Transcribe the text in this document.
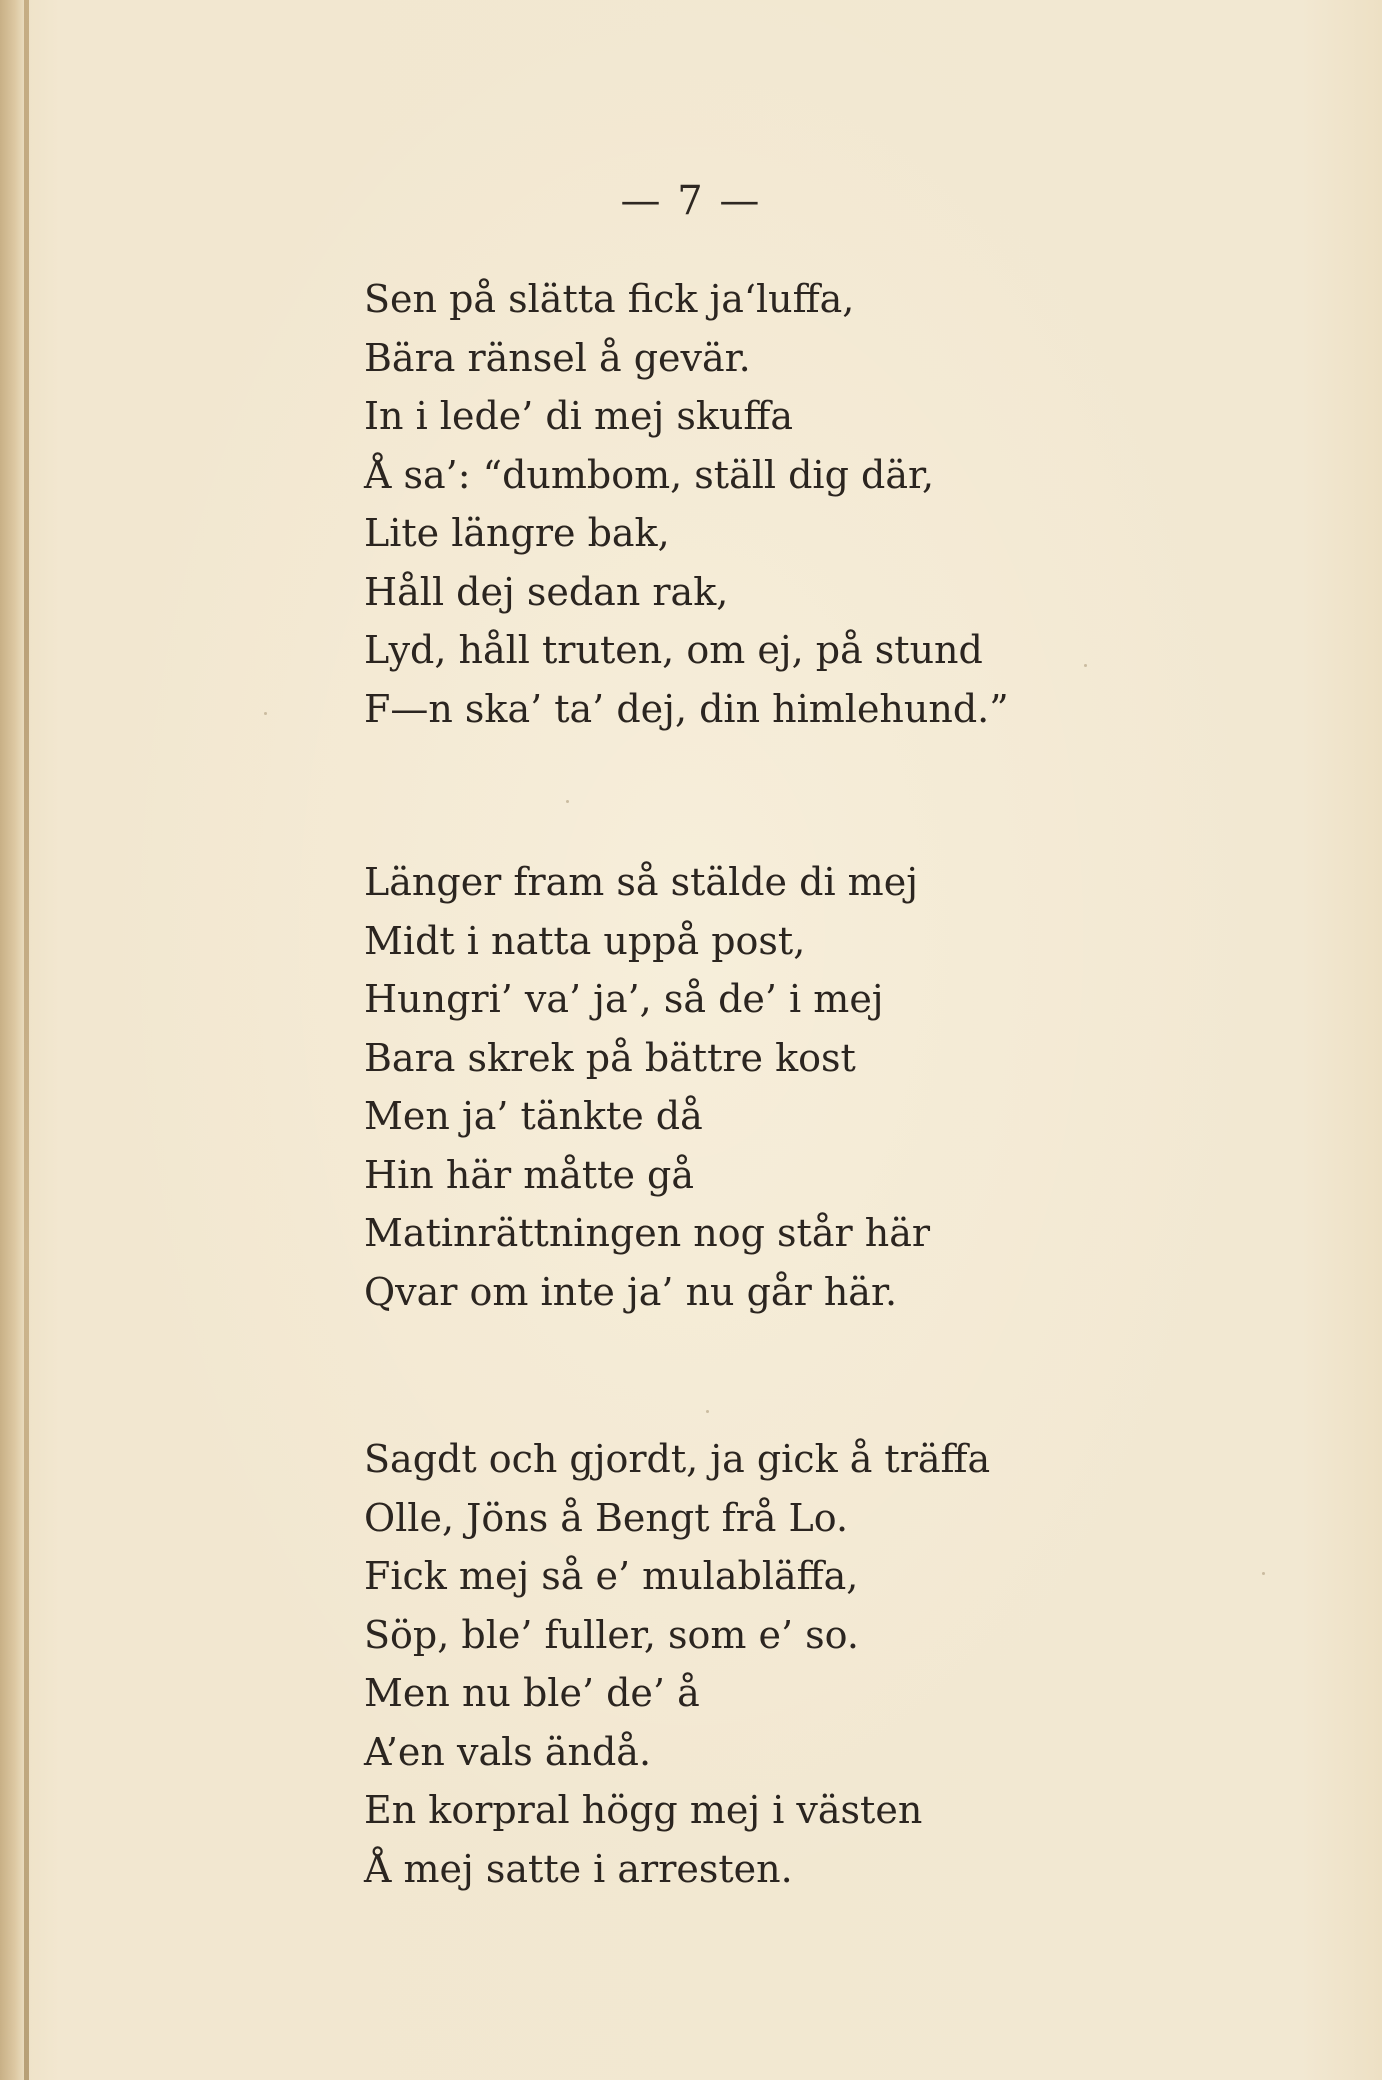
— 7 —
Sen på slätta fick ja‘luffa,
Bära ränsel å gevär.
In i lede’ di mej skuffa
Å sa’: “dumbom, ställ dig där,
Lite längre bak,
Håll dej sedan rak,
Lyd, håll truten, om ej, på stund
F—n ska’ ta’ dej, din himlehund.”
Länger fram så stälde di mej
Midt i natta uppå post,
Hungri’ va’ ja’, så de’ i mej
Bara skrek på bättre kost
Men ja’ tänkte då
Hin här måtte gå
Matinrättningen nog står här
Qvar om inte ja’ nu går här.
Sagdt och gjordt, ja gick å träffa
Olle, Jöns å Bengt frå Lo.
Fick mej så e’ mulabläffa,
Söp, ble’ fuller, som e’ so.
Men nu ble’ de’ å
A’en vals ändå.
En korpral högg mej i västen
Å mej satte i arresten.
